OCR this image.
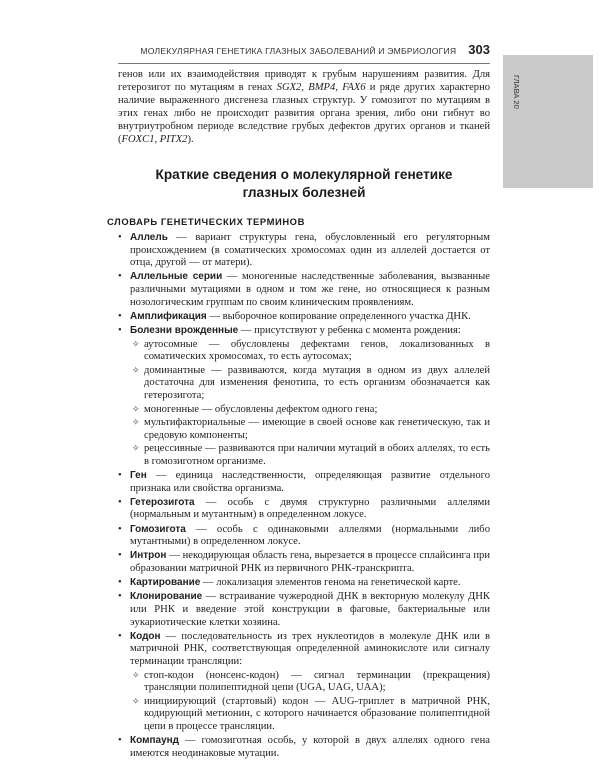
ГЛАВА 20
МОЛЕКУЛЯРНАЯ ГЕНЕТИКА ГЛАЗНЫХ ЗАБОЛЕВАНИЙ И ЭМБРИОЛОГИЯ 303

генов или их взаимодействия приводят к грубым нарушениям развития. Для гетерозигот по мутациям в генах SGX2, BMP4, FAX6 и ряде других характерно наличие выраженного дисгенеза глазных структур. У гомозигот по мутациям в этих генах либо не происходит развития органа зрения, либо они гибнут во внутриутробном периоде вследствие грубых дефектов других органов и тканей (FOXC1, PITX2).

Краткие сведения о молекулярной генетике
глазных болезней
СЛОВАРЬ ГЕНЕТИЧЕСКИХ ТЕРМИНОВ
• Аллель — вариант структуры гена, обусловленный его регуляторным происхождением (в соматических хромосомах один из аллелей достается от отца, другой — от матери).
• Аллельные серии — моногенные наследственные заболевания, вызванные различными мутациями в одном и том же гене, но относящиеся к разным нозологическим группам по своим клиническим проявлениям.
• Амплификация — выборочное копирование определенного участка ДНК.
• Болезни врожденные — присутствуют у ребенка с момента рождения:
✧ аутосомные — обусловлены дефектами генов, локализованных в соматических хромосомах, то есть аутосомах;
✧ доминантные — развиваются, когда мутация в одном из двух аллелей достаточна для изменения фенотипа, то есть организм обозначается как гетерозигота;
✧ моногенные — обусловлены дефектом одного гена;
✧ мультифакториальные — имеющие в своей основе как генетическую, так и средовую компоненты;
✧ рецессивные — развиваются при наличии мутаций в обоих аллелях, то есть в гомозиготном организме.
• Ген — единица наследственности, определяющая развитие отдельного признака или свойства организма.
• Гетерозигота — особь с двумя структурно различными аллелями (нормальным и мутантным) в определенном локусе.
• Гомозигота — особь с одинаковыми аллелями (нормальными либо мутантными) в определенном локусе.
• Интрон — некодирующая область гена, вырезается в процессе сплайсинга при образовании матричной РНК из первичного РНК-транскрипта.
• Картирование — локализация элементов генома на генетической карте.
• Клонирование — встраивание чужеродной ДНК в векторную молекулу ДНК или РНК и введение этой конструкции в фаговые, бактериальные или эукариотические клетки хозяина.
• Кодон — последовательность из трех нуклеотидов в молекуле ДНК или в матричной РНК, соответствующая определенной аминокислоте или сигналу терминации трансляции:
✧ стоп-кодон (нонсенс-кодон) — сигнал терминации (прекращения) трансляции полипептидной цепи (UGA, UAG, UAA);
✧ инициирующий (стартовый) кодон — AUG-триплет в матричной РНК, кодирующий метионин, с которого начинается образование полипептидной цепи в процессе трансляции.
• Компаунд — гомозиготная особь, у которой в двух аллелях одного гена имеются неодинаковые мутации.
